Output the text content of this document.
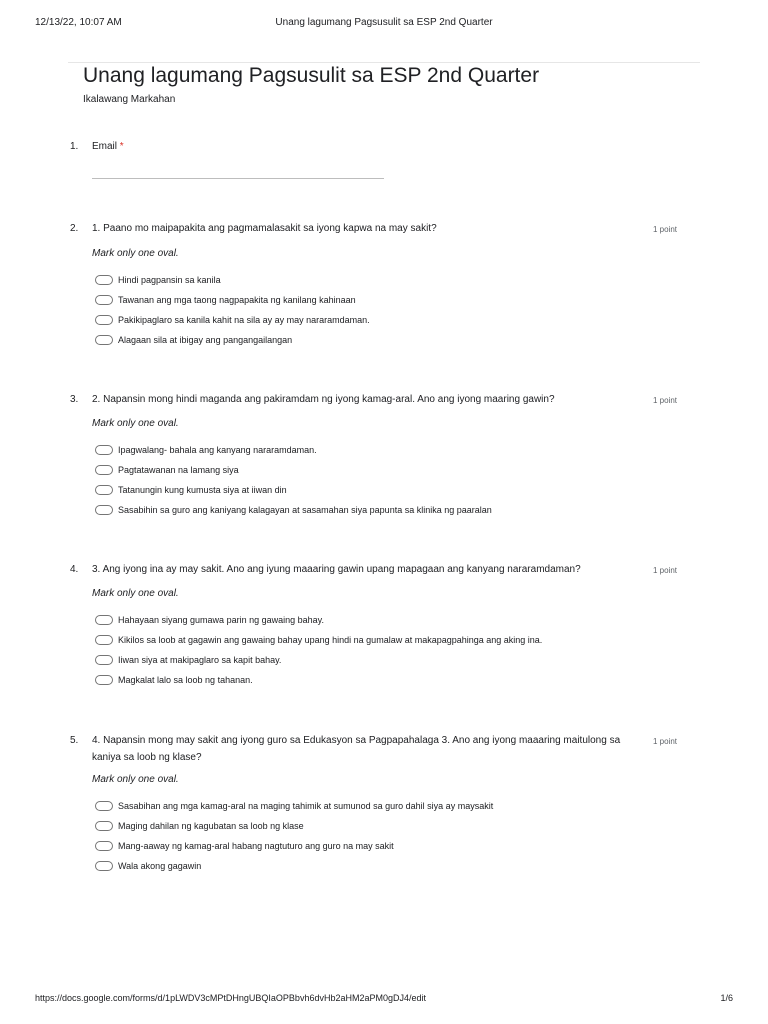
12/13/22, 10:07 AM	Unang lagumang Pagsusulit sa ESP 2nd Quarter
Unang lagumang Pagsusulit sa ESP 2nd Quarter
Ikalawang Markahan
1. Email *
2. 1. Paano mo maipapakita ang pagmamalasakit sa iyong kapwa na may sakit?	1 point
Mark only one oval.
Hindi pagpansin sa kanila
Tawanan ang mga taong nagpapakita ng kanilang kahinaan
Pakikipaglaro sa kanila kahit na sila ay ay may nararamdaman.
Alagaan sila at ibigay ang pangangailangan
3. 2. Napansin mong hindi maganda ang pakiramdam ng iyong kamag-aral. Ano ang iyong maaring gawin?	1 point
Mark only one oval.
Ipagwalang- bahala ang kanyang nararamdaman.
Pagtatawanan na lamang siya
Tatanungin kung kumusta siya at iiwan din
Sasabihin sa guro ang kaniyang kalagayan at sasamahan siya papunta sa klinika ng paaralan
4. 3. Ang iyong ina ay may sakit. Ano ang iyung maaaring gawin upang mapagaan ang kanyang nararamdaman?	1 point
Mark only one oval.
Hahayaan siyang gumawa parin ng gawaing bahay.
Kikilos sa loob at gagawin ang gawaing bahay upang hindi na gumalaw at makapagpahinga ang aking ina.
Iiwan siya at makipaglaro sa kapit bahay.
Magkalat lalo sa loob ng tahanan.
5. 4. Napansin mong may sakit ang iyong guro sa Edukasyon sa Pagpapahalaga 3. Ano ang iyong maaaring maitulong sa kaniya sa loob ng klase?
1 point
Mark only one oval.
Sasabihan ang mga kamag-aral na maging tahimik at sumunod sa guro dahil siya ay maysakit
Maging dahilan ng kagubatan sa loob ng klase
Mang-aaway ng kamag-aral habang nagtuturo ang guro na may sakit
Wala akong gagawin
https://docs.google.com/forms/d/1pLWDV3cMPtDHngUBQIaOPBbvh6dvHb2aHM2aPM0gDJ4/edit	1/6
